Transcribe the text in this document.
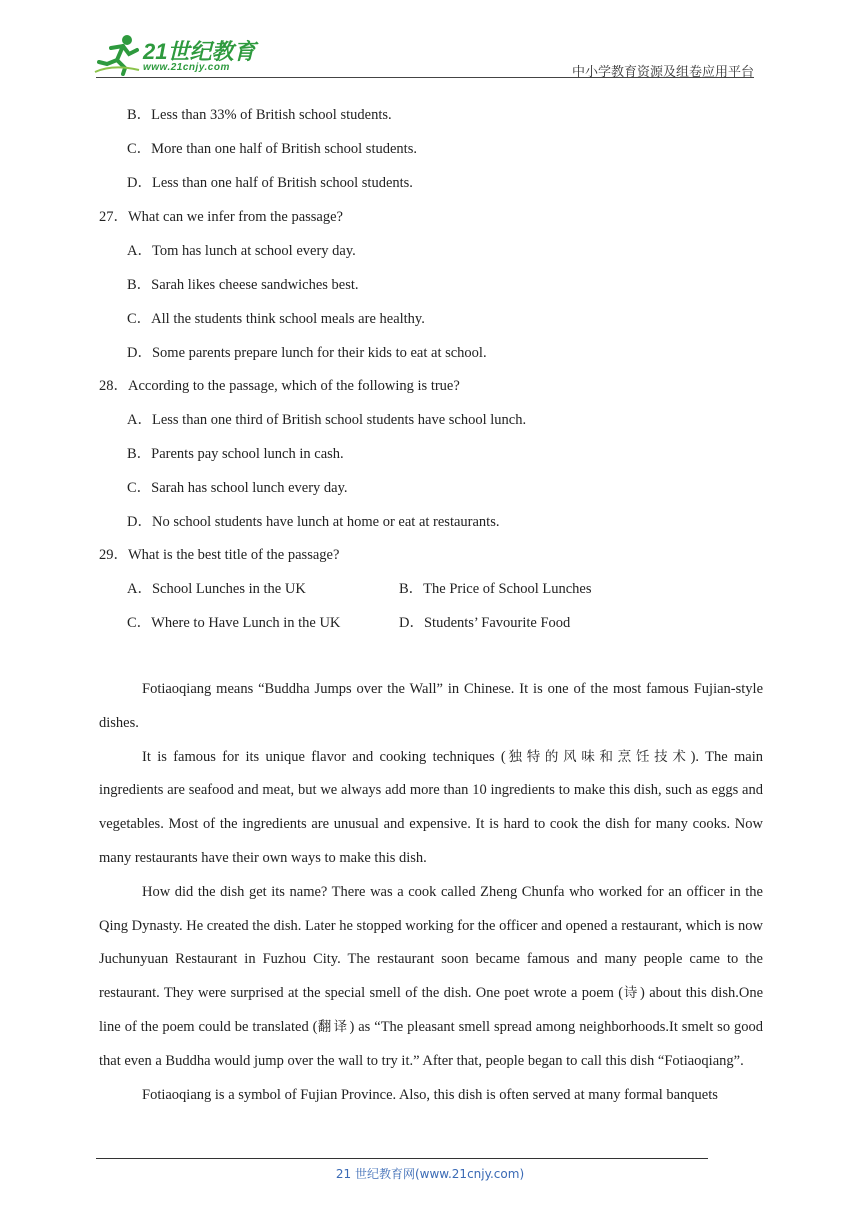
21世纪教育
www.21cnjy.com	中小学教育资源及组卷应用平台
B．Less than 33% of British school students.
C．More than one half of British school students.
D．Less than one half of British school students.
27．What can we infer from the passage?
A．Tom has lunch at school every day.
B．Sarah likes cheese sandwiches best.
C．All the students think school meals are healthy.
D．Some parents prepare lunch for their kids to eat at school.
28．According to the passage, which of the following is true?
A．Less than one third of British school students have school lunch.
B．Parents pay school lunch in cash.
C．Sarah has school lunch every day.
D．No school students have lunch at home or eat at restaurants.
29．What is the best title of the passage?
A．School Lunches in the UK	B．The Price of School Lunches
C．Where to Have Lunch in the UK	D．Students’ Favourite Food

Fotiaoqiang means “Buddha Jumps over the Wall” in Chinese. It is one of the most famous Fujian-style dishes.

It is famous for its unique flavor and cooking techniques (独特的风味和烹饪技术). The main ingredients are seafood and meat, but we always add more than 10 ingredients to make this dish, such as eggs and vegetables. Most of the ingredients are unusual and expensive. It is hard to cook the dish for many cooks. Now many restaurants have their own ways to make this dish.

How did the dish get its name? There was a cook called Zheng Chunfa who worked for an officer in the Qing Dynasty. He created the dish. Later he stopped working for the officer and opened a restaurant, which is now Juchunyuan Restaurant in Fuzhou City. The restaurant soon became famous and many people came to the restaurant. They were surprised at the special smell of the dish. One poet wrote a poem (诗) about this dish.One line of the poem could be translated (翻译) as “The pleasant smell spread among neighborhoods.It smelt so good that even a Buddha would jump over the wall to try it.” After that, people began to call this dish “Fotiaoqiang”.

Fotiaoqiang is a symbol of Fujian Province. Also, this dish is often served at many formal banquets

21 世纪教育网(www.21cnjy.com)
